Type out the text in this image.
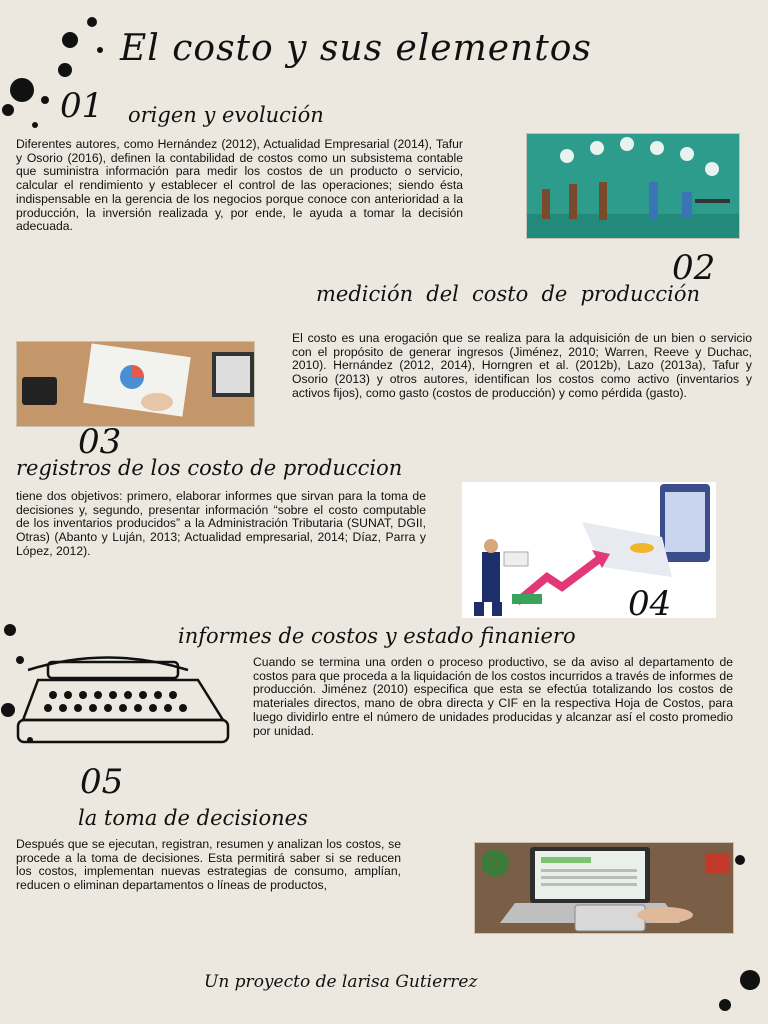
El costo y sus elementos
01 origen y evolución

Diferentes autores, como Hernández (2012), Actualidad Empresarial (2014), Tafur y Osorio (2016), definen la contabilidad de costos como un subsistema contable que suministra información para medir los costos de un producto o servicio, calcular el rendimiento y establecer el control de las operaciones; siendo ésta indispensable en la gerencia de los negocios porque conoce con anterioridad a la producción, la inversión realizada y, por ende, le ayuda a tomar la decisión adecuada.

02
medición del costo de producción

El costo es una erogación que se realiza para la adquisición de un bien o servicio con el propósito de generar ingresos (Jiménez, 2010; Warren, Reeve y Duchac, 2010). Hernández (2012, 2014), Horngren et al. (2012b), Lazo (2013a), Tafur y Osorio (2013) y otros autores, identifican los costos como activo (inventarios y activos fijos), como gasto (costos de producción) y como pérdida (gasto).

03
registros de los costo de produccion

tiene dos objetivos: primero, elaborar informes que sirvan para la toma de decisiones y, segundo, presentar información “sobre el costo computable de los inventarios producidos” a la Administración Tributaria (SUNAT, DGII, Otras) (Abanto y Luján, 2013; Actualidad empresarial, 2014; Díaz, Parra y López, 2012).

04
informes de costos y estado finaniero

Cuando se termina una orden o proceso productivo, se da aviso al departamento de costos para que proceda a la liquidación de los costos incurridos a través de informes de producción. Jiménez (2010) especifica que esta se efectúa totalizando los costos de materiales directos, mano de obra directa y CIF en la respectiva Hoja de Costos, para luego dividirlo entre el número de unidades producidas y alcanzar así el costo promedio por unidad.

05
la toma de decisiones

Después que se ejecutan, registran, resumen y analizan los costos, se procede a la toma de decisiones. Esta permitirá saber si se reducen los costos, implementan nuevas estrategias de consumo, amplían, reducen o eliminan departamentos o líneas de productos,

Un proyecto de larisa Gutierrez
